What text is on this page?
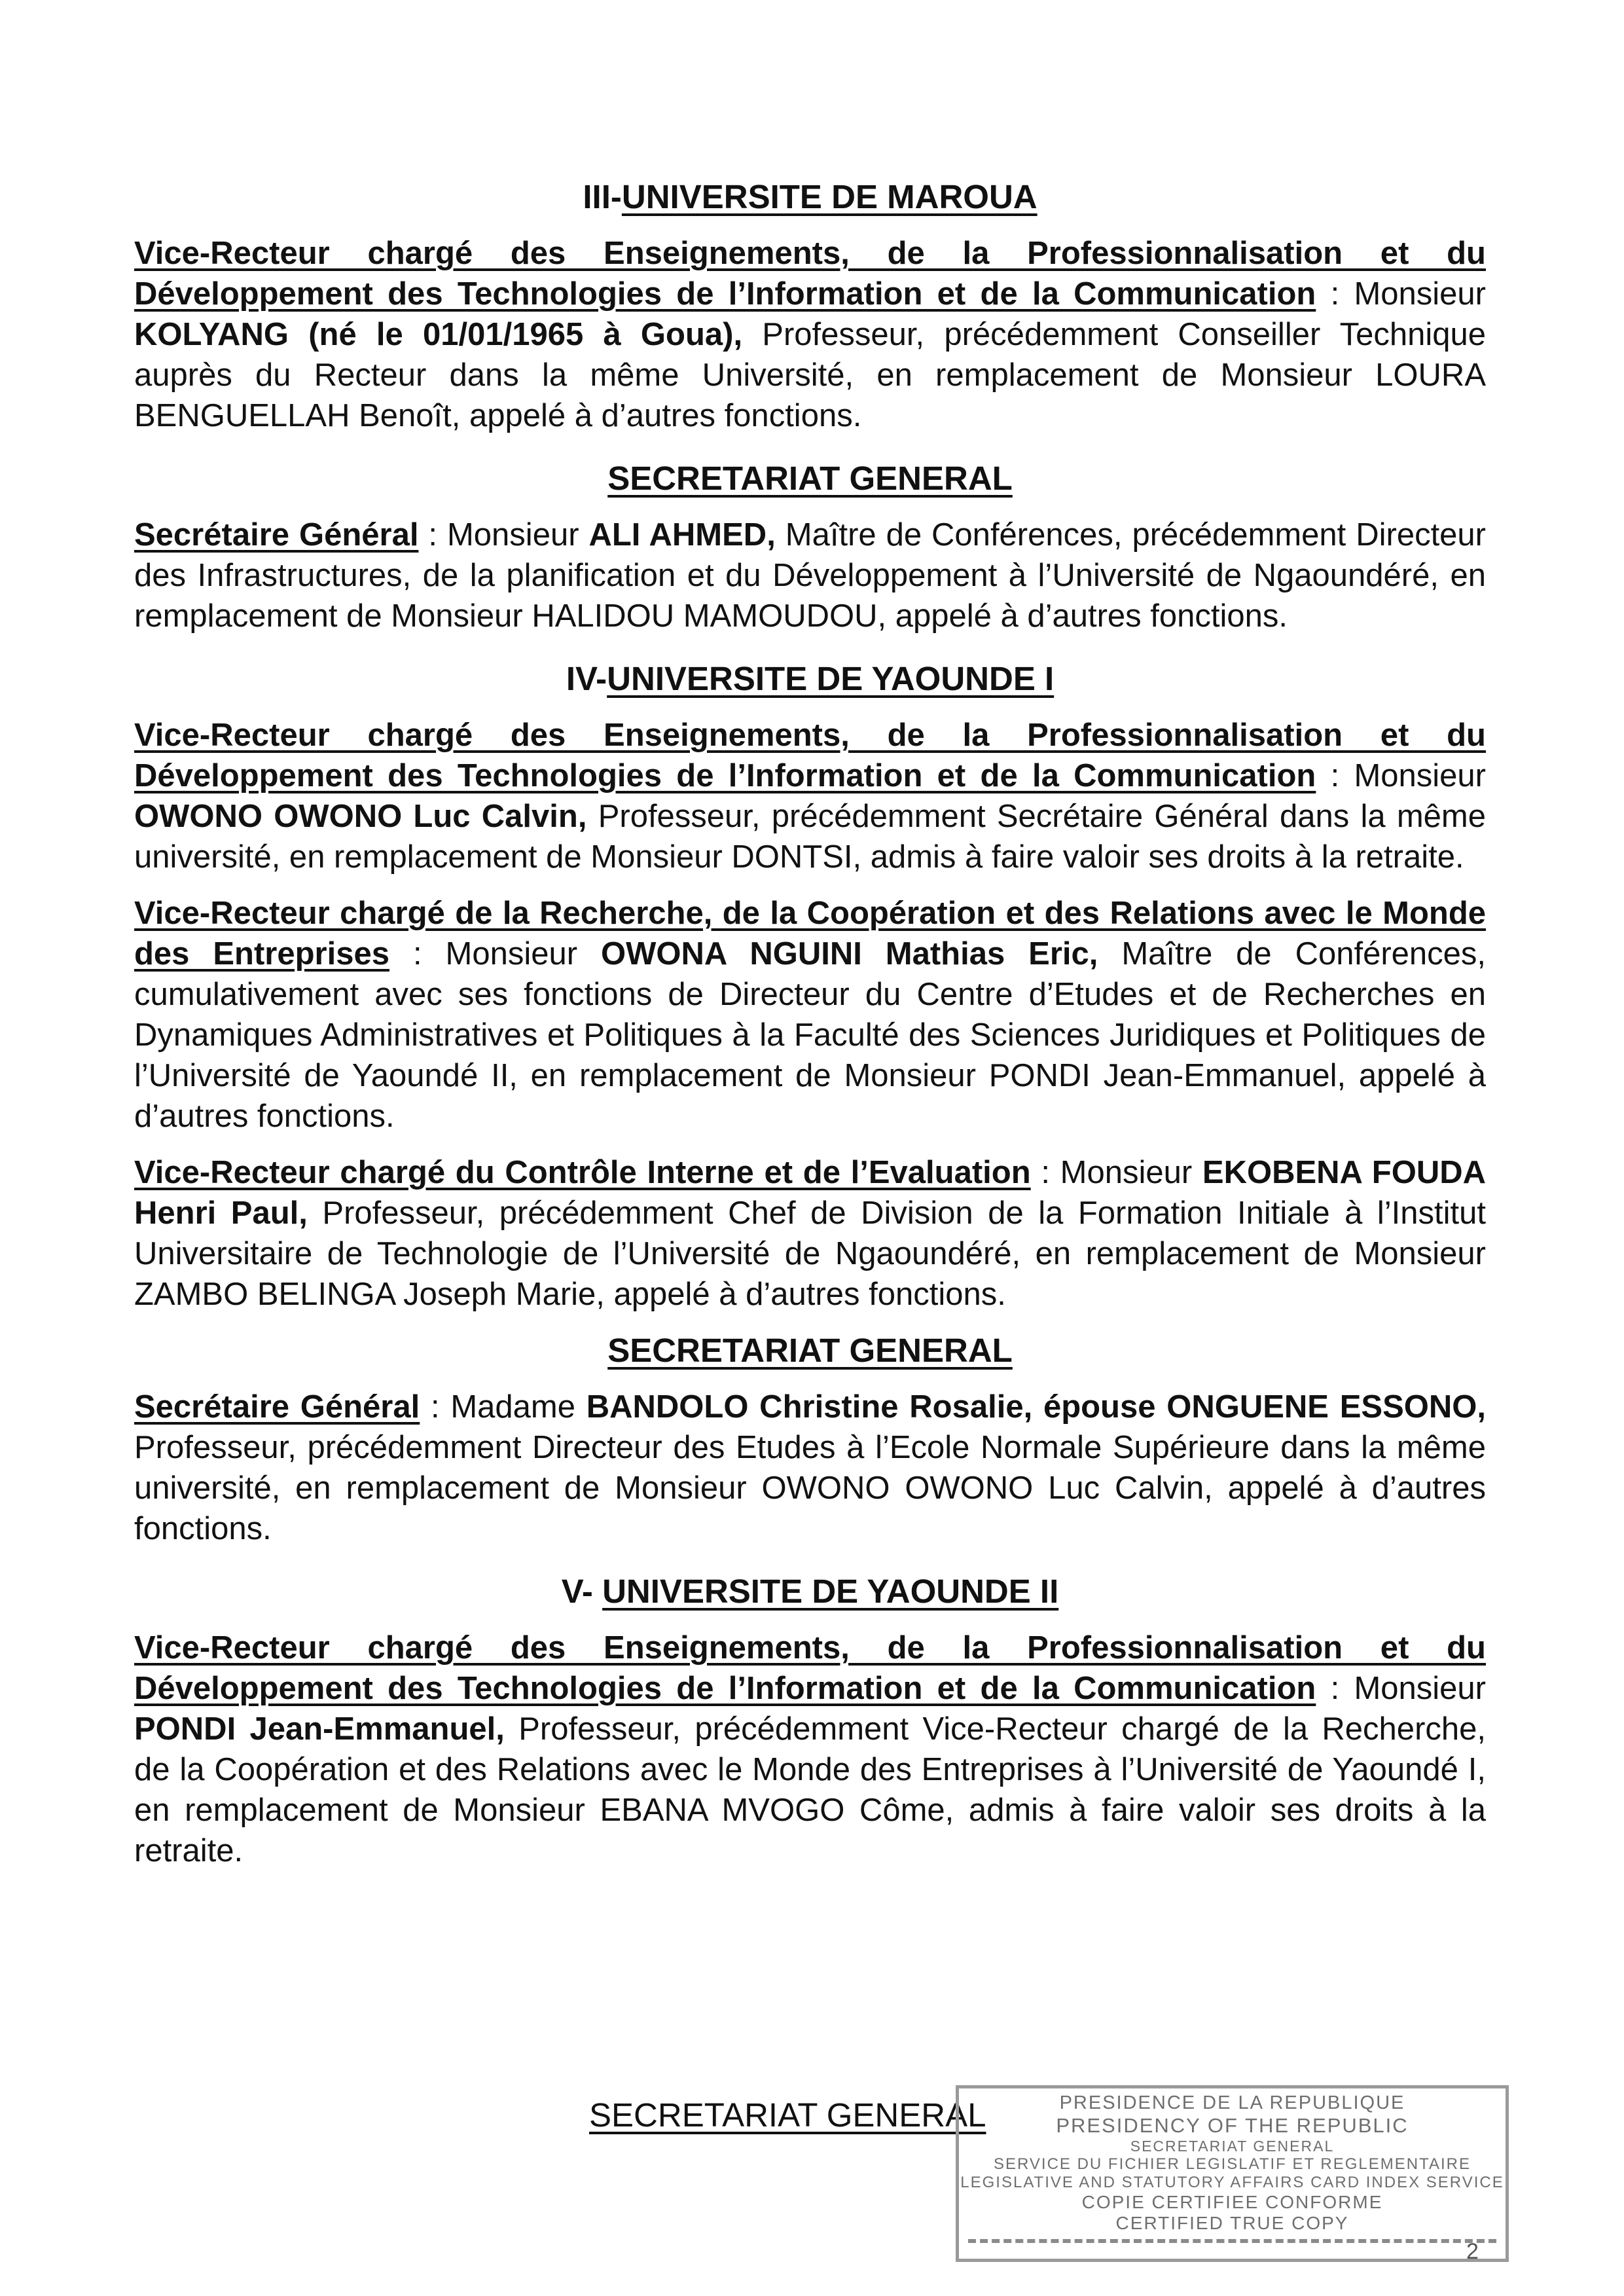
III-UNIVERSITE DE MAROUA

Vice-Recteur chargé des Enseignements, de la Professionnalisation et du Développement des Technologies de l’Information et de la Communication : Monsieur KOLYANG (né le 01/01/1965 à Goua), Professeur, précédemment Conseiller Technique auprès du Recteur dans la même Université, en remplacement de Monsieur LOURA BENGUELLAH Benoît, appelé à d’autres fonctions.

SECRETARIAT GENERAL

Secrétaire Général : Monsieur ALI AHMED, Maître de Conférences, précédemment Directeur des Infrastructures, de la planification et du Développement à l’Université de Ngaoundéré, en remplacement de Monsieur HALIDOU MAMOUDOU, appelé à d’autres fonctions.

IV-UNIVERSITE DE YAOUNDE I

Vice-Recteur chargé des Enseignements, de la Professionnalisation et du Développement des Technologies de l’Information et de la Communication : Monsieur OWONO OWONO Luc Calvin, Professeur, précédemment Secrétaire Général dans la même université, en remplacement de Monsieur DONTSI, admis à faire valoir ses droits à la retraite.

Vice-Recteur chargé de la Recherche, de la Coopération et des Relations avec le Monde des Entreprises : Monsieur OWONA NGUINI Mathias Eric, Maître de Conférences, cumulativement avec ses fonctions de Directeur du Centre d’Etudes et de Recherches en Dynamiques Administratives et Politiques à la Faculté des Sciences Juridiques et Politiques de l’Université de Yaoundé II, en remplacement de Monsieur PONDI Jean-Emmanuel, appelé à d’autres fonctions.

Vice-Recteur chargé du Contrôle Interne et de l’Evaluation : Monsieur EKOBENA FOUDA Henri Paul, Professeur, précédemment Chef de Division de la Formation Initiale à l’Institut Universitaire de Technologie de l’Université de Ngaoundéré, en remplacement de Monsieur ZAMBO BELINGA Joseph Marie, appelé à d’autres fonctions.

SECRETARIAT GENERAL

Secrétaire Général : Madame BANDOLO Christine Rosalie, épouse ONGUENE ESSONO, Professeur, précédemment Directeur des Etudes à l’Ecole Normale Supérieure dans la même université, en remplacement de Monsieur OWONO OWONO Luc Calvin, appelé à d’autres fonctions.

V- UNIVERSITE DE YAOUNDE II

Vice-Recteur chargé des Enseignements, de la Professionnalisation et du Développement des Technologies de l’Information et de la Communication : Monsieur PONDI Jean-Emmanuel, Professeur, précédemment Vice-Recteur chargé de la Recherche, de la Coopération et des Relations avec le Monde des Entreprises à l’Université de Yaoundé I, en remplacement de Monsieur EBANA MVOGO Côme, admis à faire valoir ses droits à la retraite.

SECRETARIAT GENERAL	PRESIDENCE DE LA REPUBLIQUE
PRESIDENCY OF THE REPUBLIC
SECRETARIAT GENERAL
SERVICE DU FICHIER LEGISLATIF ET REGLEMENTAIRE
LEGISLATIVE AND STATUTORY AFFAIRS CARD INDEX SERVICE
COPIE CERTIFIEE CONFORME
CERTIFIED TRUE COPY
2
